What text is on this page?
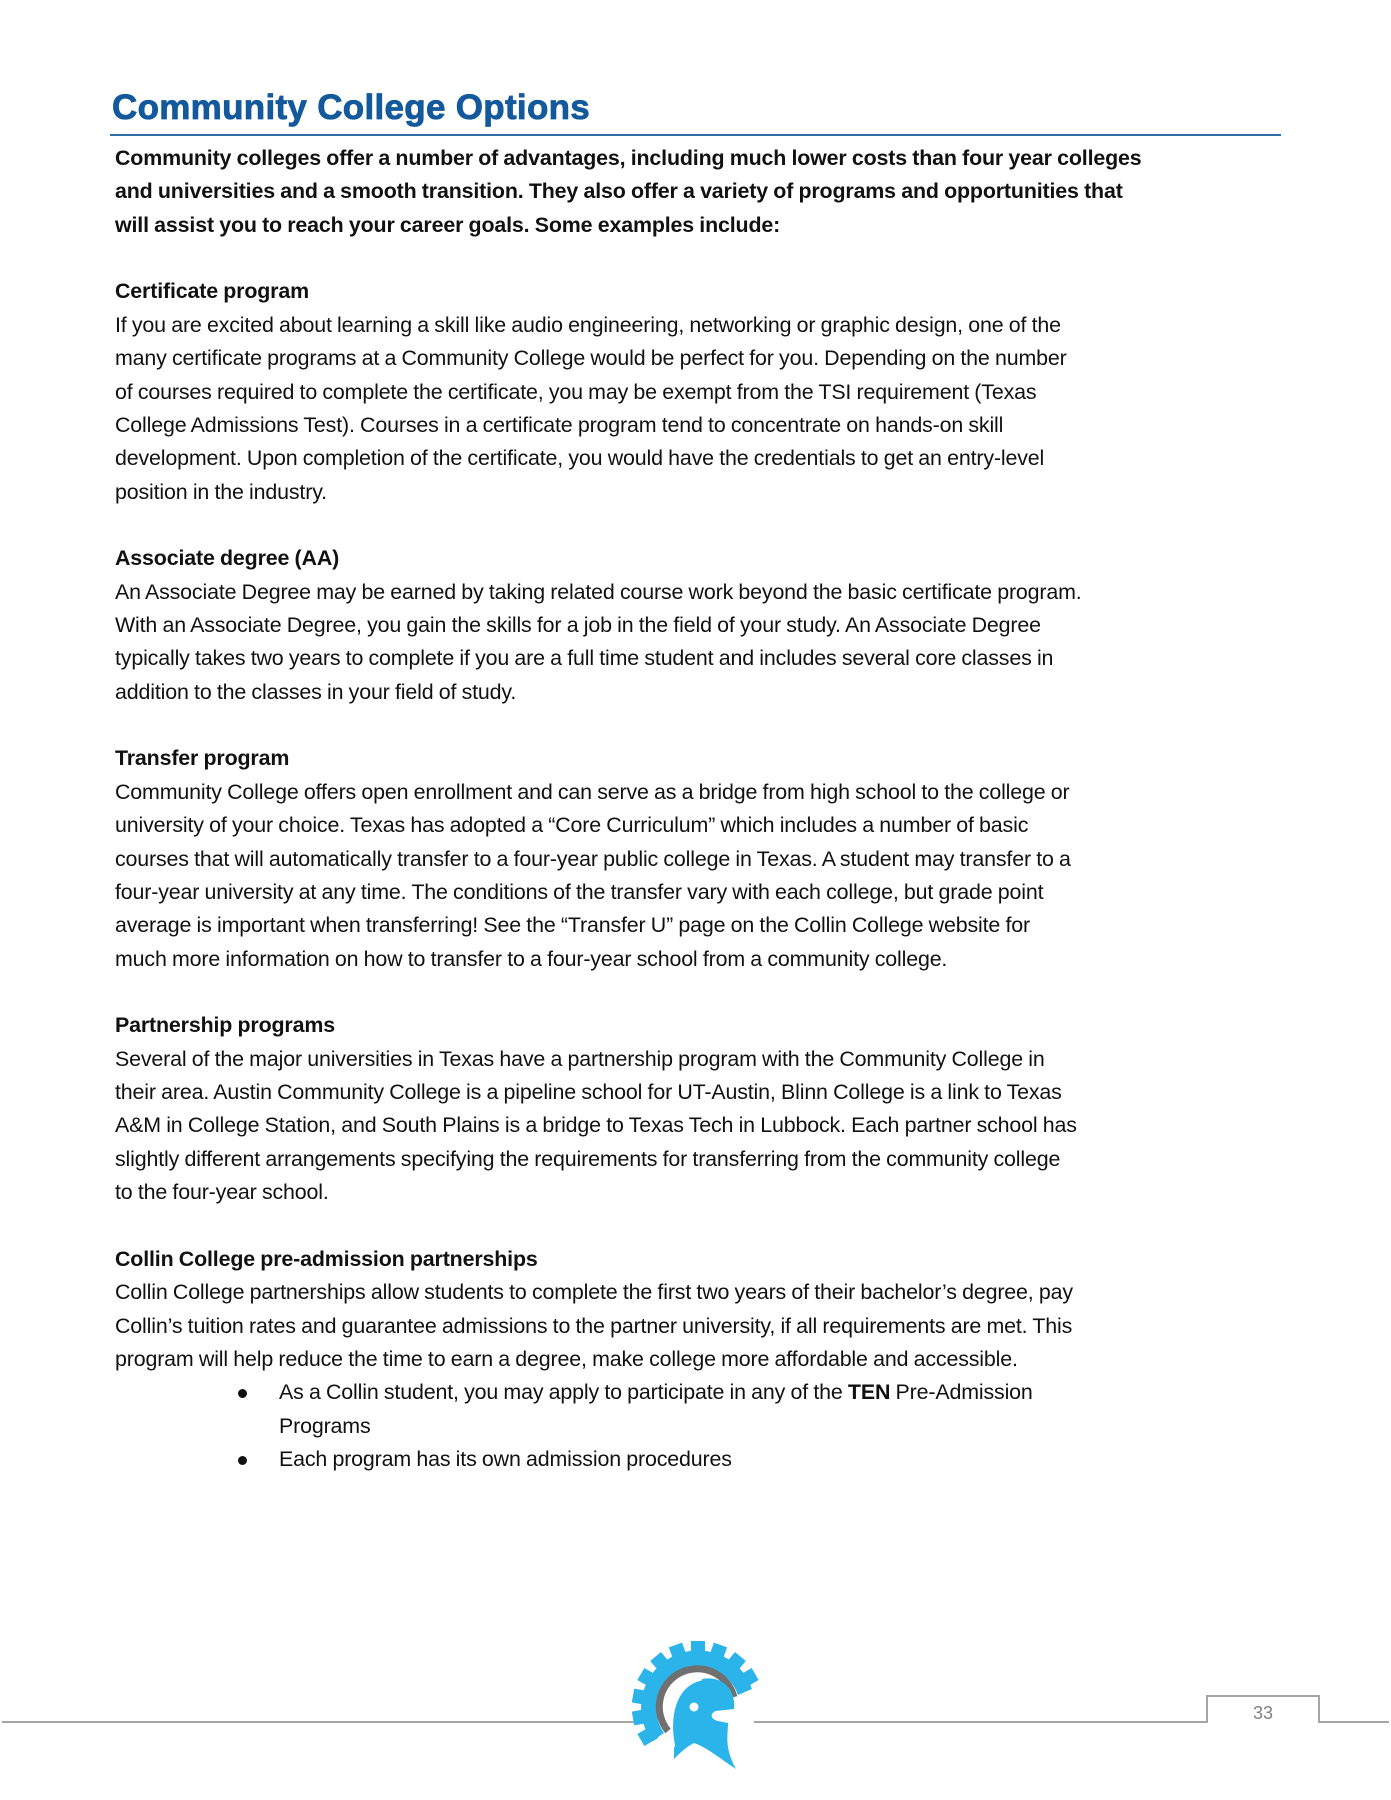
Community College Options
Community colleges offer a number of advantages, including much lower costs than four year colleges
and universities and a smooth transition. They also offer a variety of programs and opportunities that
will assist you to reach your career goals. Some examples include:
Certificate program
If you are excited about learning a skill like audio engineering, networking or graphic design, one of the
many certificate programs at a Community College would be perfect for you. Depending on the number
of courses required to complete the certificate, you may be exempt from the TSI requirement (Texas
College Admissions Test). Courses in a certificate program tend to concentrate on hands-on skill
development. Upon completion of the certificate, you would have the credentials to get an entry-level
position in the industry.
Associate degree (AA)
An Associate Degree may be earned by taking related course work beyond the basic certificate program.
With an Associate Degree, you gain the skills for a job in the field of your study. An Associate Degree
typically takes two years to complete if you are a full time student and includes several core classes in
addition to the classes in your field of study.
Transfer program
Community College offers open enrollment and can serve as a bridge from high school to the college or
university of your choice. Texas has adopted a “Core Curriculum” which includes a number of basic
courses that will automatically transfer to a four-year public college in Texas. A student may transfer to a
four-year university at any time. The conditions of the transfer vary with each college, but grade point
average is important when transferring! See the “Transfer U” page on the Collin College website for
much more information on how to transfer to a four-year school from a community college.
Partnership programs
Several of the major universities in Texas have a partnership program with the Community College in
their area. Austin Community College is a pipeline school for UT-Austin, Blinn College is a link to Texas
A&M in College Station, and South Plains is a bridge to Texas Tech in Lubbock. Each partner school has
slightly different arrangements specifying the requirements for transferring from the community college
to the four-year school.
Collin College pre-admission partnerships
Collin College partnerships allow students to complete the first two years of their bachelor’s degree, pay
Collin’s tuition rates and guarantee admissions to the partner university, if all requirements are met. This
program will help reduce the time to earn a degree, make college more affordable and accessible.
As a Collin student, you may apply to participate in any of the TEN Pre-Admission
Programs
Each program has its own admission procedures
33
